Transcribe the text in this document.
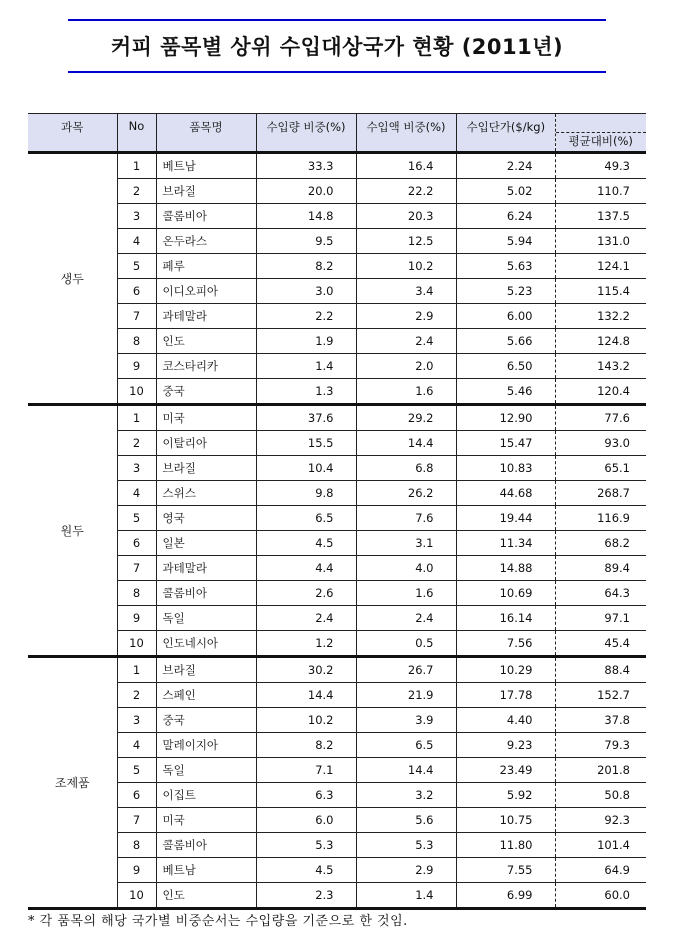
커피 품목별 상위 수입대상국가 현황 (2011년)
과목	No	품목명	수입량 비중(%)	수입액 비중(%)	수입단가($/kg)	평균대비(%)

생두	1	베트남	33.3	16.4	2.24	49.3
	2	브라질	20.0	22.2	5.02	110.7
	3	콜롬비아	14.8	20.3	6.24	137.5
	4	온두라스	9.5	12.5	5.94	131.0
	5	페루	8.2	10.2	5.63	124.1
	6	이디오피아	3.0	3.4	5.23	115.4
	7	과테말라	2.2	2.9	6.00	132.2
	8	인도	1.9	2.4	5.66	124.8
	9	코스타리카	1.4	2.0	6.50	143.2
	10	중국	1.3	1.6	5.46	120.4
원두	1	미국	37.6	29.2	12.90	77.6
	2	이탈리아	15.5	14.4	15.47	93.0
	3	브라질	10.4	6.8	10.83	65.1
	4	스위스	9.8	26.2	44.68	268.7
	5	영국	6.5	7.6	19.44	116.9
	6	일본	4.5	3.1	11.34	68.2
	7	과테말라	4.4	4.0	14.88	89.4
	8	콜롬비아	2.6	1.6	10.69	64.3
	9	독일	2.4	2.4	16.14	97.1
	10	인도네시아	1.2	0.5	7.56	45.4
조제품	1	브라질	30.2	26.7	10.29	88.4
	2	스페인	14.4	21.9	17.78	152.7
	3	중국	10.2	3.9	4.40	37.8
	4	말레이지아	8.2	6.5	9.23	79.3
	5	독일	7.1	14.4	23.49	201.8
	6	이집트	6.3	3.2	5.92	50.8
	7	미국	6.0	5.6	10.75	92.3
	8	콜롬비아	5.3	5.3	11.80	101.4
	9	베트남	4.5	2.9	7.55	64.9
	10	인도	2.3	1.4	6.99	60.0
* 각 품목의 해당 국가별 비중순서는 수입량을 기준으로 한 것임.
